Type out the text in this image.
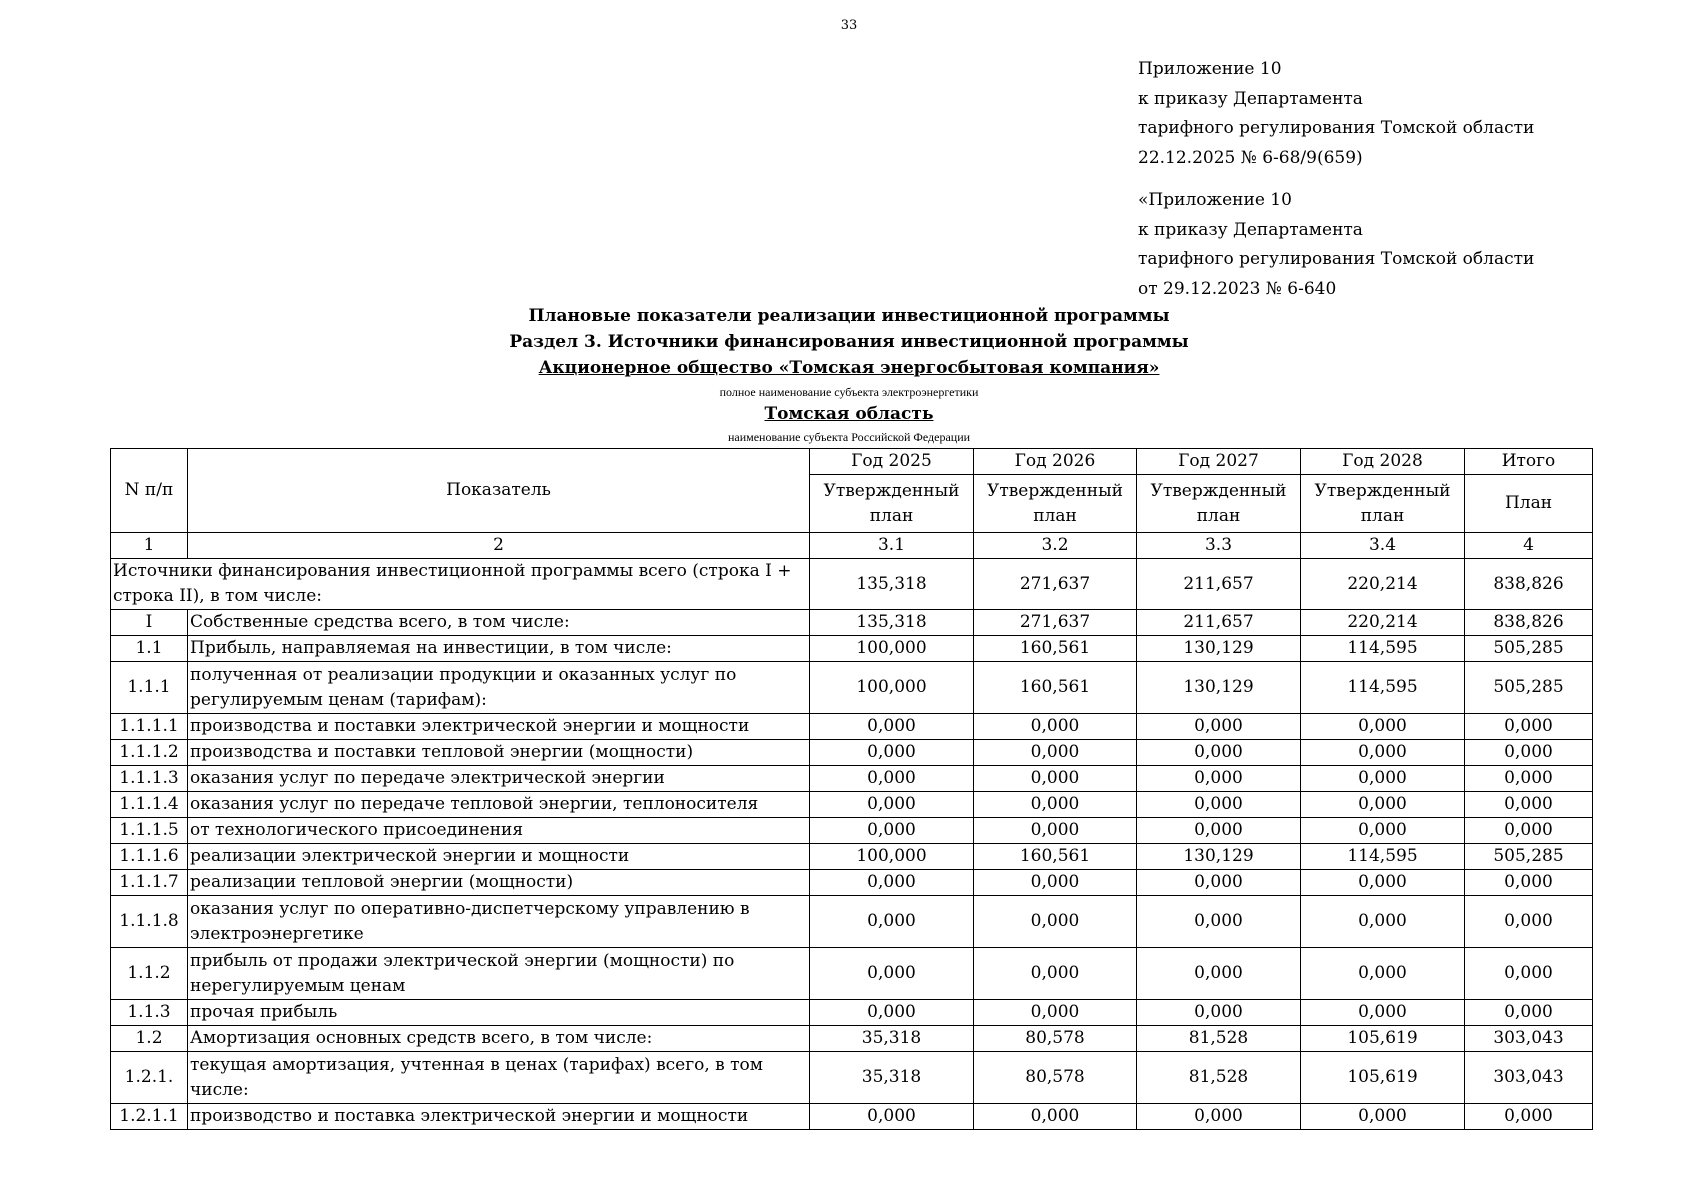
33
Приложение 10
к приказу Департамента
тарифного регулирования Томской области
22.12.2025 № 6-68/9(659)
«Приложение 10
к приказу Департамента
тарифного регулирования Томской области
от 29.12.2023 № 6-640
Плановые показатели реализации инвестиционной программы
Раздел 3. Источники финансирования инвестиционной программы
Акционерное общество «Томская энергосбытовая компания»
полное наименование субъекта электроэнергетики
Томская область
наименование субъекта Российской Федерации
N п/п	Показатель	Год 2025	Год 2026	Год 2027	Год 2028	Итого
		Утвержденный план	Утвержденный план	Утвержденный план	Утвержденный план	План
1	2	3.1	3.2	3.3	3.4	4
Источники финансирования инвестиционной программы всего (строка I + строка II), в том числе:		135,318	271,637	211,657	220,214	838,826
I	Собственные средства всего, в том числе:	135,318	271,637	211,657	220,214	838,826
1.1	Прибыль, направляемая на инвестиции, в том числе:	100,000	160,561	130,129	114,595	505,285
1.1.1	полученная от реализации продукции и оказанных услуг по регулируемым ценам (тарифам):	100,000	160,561	130,129	114,595	505,285
1.1.1.1	производства и поставки электрической энергии и мощности	0,000	0,000	0,000	0,000	0,000
1.1.1.2	производства и поставки тепловой энергии (мощности)	0,000	0,000	0,000	0,000	0,000
1.1.1.3	оказания услуг по передаче электрической энергии	0,000	0,000	0,000	0,000	0,000
1.1.1.4	оказания услуг по передаче тепловой энергии, теплоносителя	0,000	0,000	0,000	0,000	0,000
1.1.1.5	от технологического присоединения	0,000	0,000	0,000	0,000	0,000
1.1.1.6	реализации электрической энергии и мощности	100,000	160,561	130,129	114,595	505,285
1.1.1.7	реализации тепловой энергии (мощности)	0,000	0,000	0,000	0,000	0,000
1.1.1.8	оказания услуг по оперативно-диспетчерскому управлению в электроэнергетике	0,000	0,000	0,000	0,000	0,000
1.1.2	прибыль от продажи электрической энергии (мощности) по нерегулируемым ценам	0,000	0,000	0,000	0,000	0,000
1.1.3	прочая прибыль	0,000	0,000	0,000	0,000	0,000
1.2	Амортизация основных средств всего, в том числе:	35,318	80,578	81,528	105,619	303,043
1.2.1.	текущая амортизация, учтенная в ценах (тарифах) всего, в том числе:	35,318	80,578	81,528	105,619	303,043
1.2.1.1	производство и поставка электрической энергии и мощности	0,000	0,000	0,000	0,000	0,000
